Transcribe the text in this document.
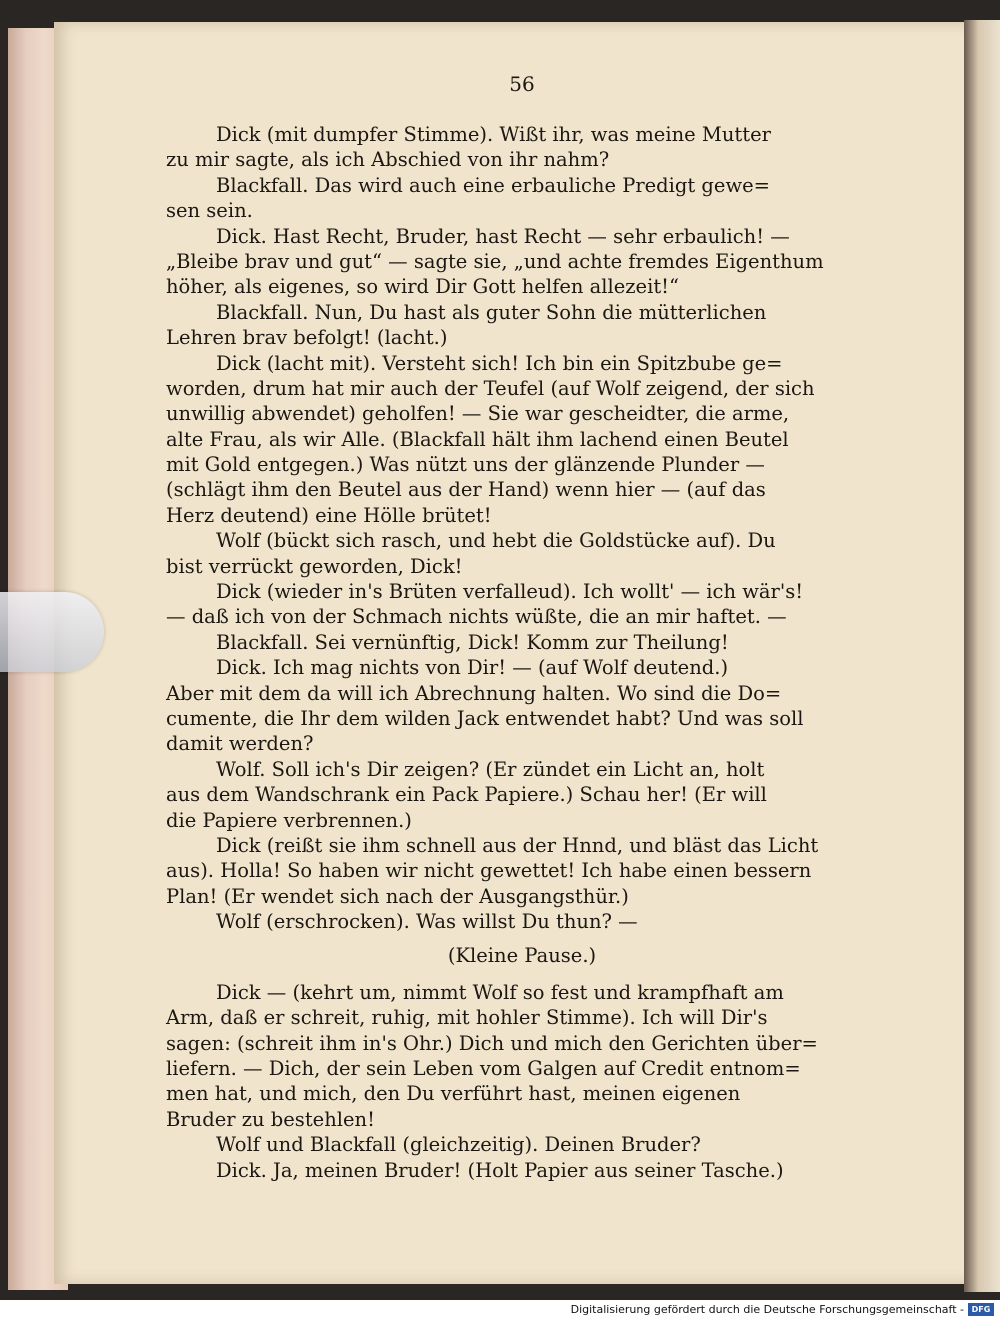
56
Dick (mit dumpfer Stimme). Wißt ihr, was meine Mutter
zu mir sagte, als ich Abschied von ihr nahm?
Blackfall. Das wird auch eine erbauliche Predigt gewe=
sen sein.
Dick. Hast Recht, Bruder, hast Recht — sehr erbaulich! —
„Bleibe brav und gut“ — sagte sie, „und achte fremdes Eigenthum
höher, als eigenes, so wird Dir Gott helfen allezeit!“
Blackfall. Nun, Du hast als guter Sohn die mütterlichen
Lehren brav befolgt! (lacht.)
Dick (lacht mit). Versteht sich! Ich bin ein Spitzbube ge=
worden, drum hat mir auch der Teufel (auf Wolf zeigend, der sich
unwillig abwendet) geholfen! — Sie war gescheidter, die arme,
alte Frau, als wir Alle. (Blackfall hält ihm lachend einen Beutel
mit Gold entgegen.) Was nützt uns der glänzende Plunder —
(schlägt ihm den Beutel aus der Hand) wenn hier — (auf das
Herz deutend) eine Hölle brütet!
Wolf (bückt sich rasch, und hebt die Goldstücke auf). Du
bist verrückt geworden, Dick!
Dick (wieder in's Brüten verfalleud). Ich wollt' — ich wär's!
— daß ich von der Schmach nichts wüßte, die an mir haftet. —
Blackfall. Sei vernünftig, Dick! Komm zur Theilung!
Dick. Ich mag nichts von Dir! — (auf Wolf deutend.)
Aber mit dem da will ich Abrechnung halten. Wo sind die Do=
cumente, die Ihr dem wilden Jack entwendet habt? Und was soll
damit werden?
Wolf. Soll ich's Dir zeigen? (Er zündet ein Licht an, holt
aus dem Wandschrank ein Pack Papiere.) Schau her! (Er will
die Papiere verbrennen.)
Dick (reißt sie ihm schnell aus der Hnnd, und bläst das Licht
aus). Holla! So haben wir nicht gewettet! Ich habe einen bessern
Plan! (Er wendet sich nach der Ausgangsthür.)
Wolf (erschrocken). Was willst Du thun? —
(Kleine Pause.)
Dick — (kehrt um, nimmt Wolf so fest und krampfhaft am
Arm, daß er schreit, ruhig, mit hohler Stimme). Ich will Dir's
sagen: (schreit ihm in's Ohr.) Dich und mich den Gerichten über=
liefern. — Dich, der sein Leben vom Galgen auf Credit entnom=
men hat, und mich, den Du verführt hast, meinen eigenen
Bruder zu bestehlen!
Wolf und Blackfall (gleichzeitig). Deinen Bruder?
Dick. Ja, meinen Bruder! (Holt Papier aus seiner Tasche.)
Digitalisierung gefördert durch die Deutsche Forschungsgemeinschaft - DFG
